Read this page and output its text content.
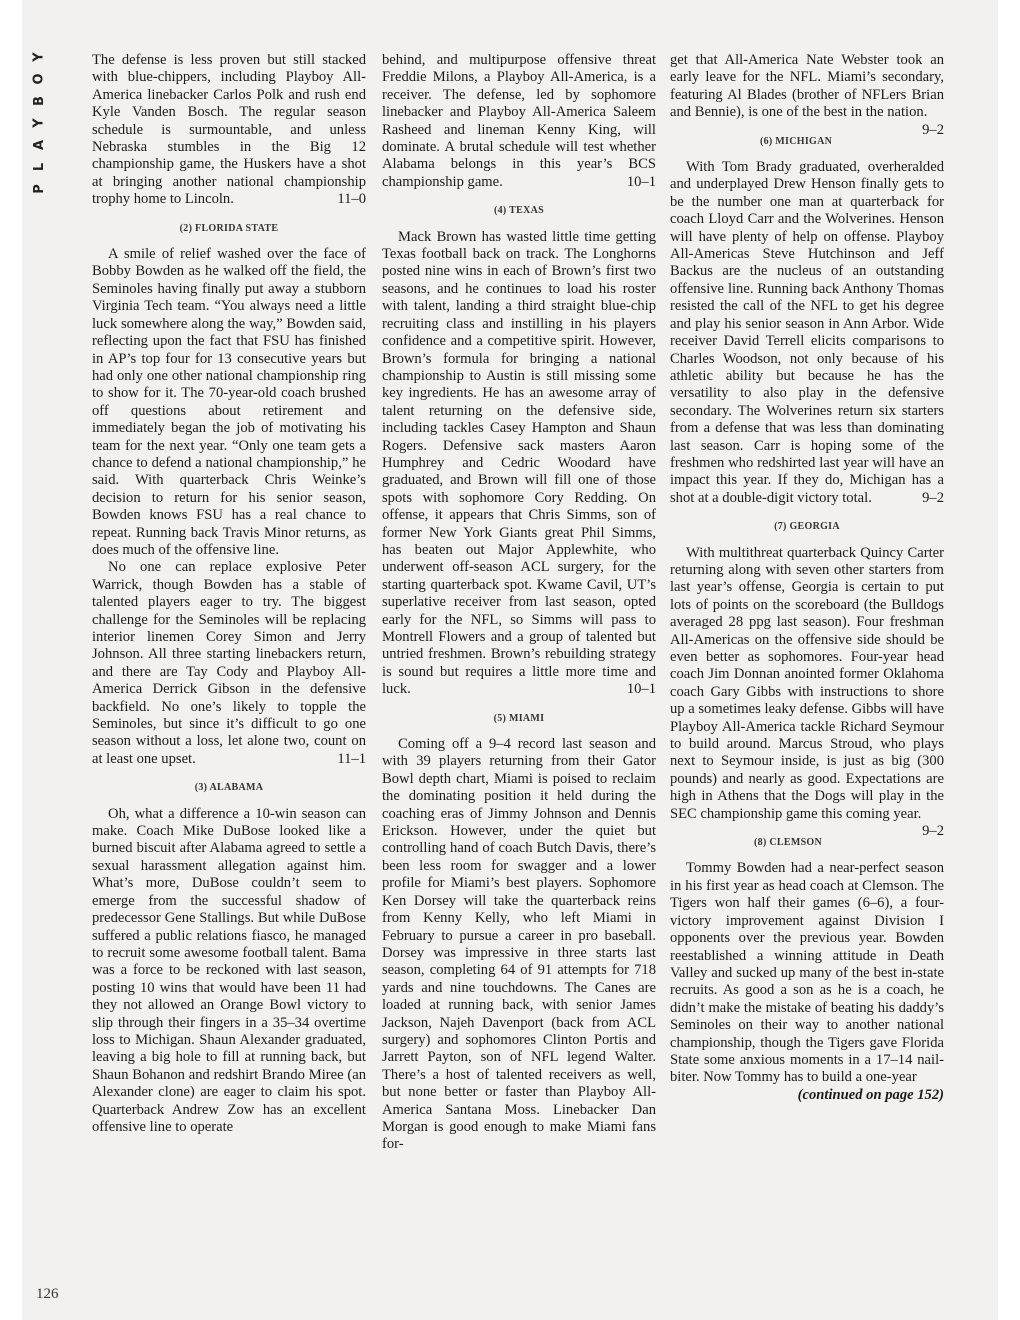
Y
O
B
Y
A
L
P
126

The defense is less proven but still stacked with blue-chippers, including Playboy All-America linebacker Carlos Polk and rush end Kyle Vanden Bosch. The regular season schedule is surmountable, and unless Nebraska stumbles in the Big 12 championship game, the Huskers have a shot at bringing another national championship trophy home to Lincoln.	11–0

(2) FLORIDA STATE

A smile of relief washed over the face of Bobby Bowden as he walked off the field, the Seminoles having finally put away a stubborn Virginia Tech team. “You always need a little luck somewhere along the way,” Bowden said, reflecting upon the fact that FSU has finished in AP’s top four for 13 consecutive years but had only one other national championship ring to show for it. The 70-year-old coach brushed off questions about retirement and immediately began the job of motivating his team for the next year. “Only one team gets a chance to defend a national championship,” he said. With quarterback Chris Weinke’s decision to return for his senior season, Bowden knows FSU has a real chance to repeat. Running back Travis Minor returns, as does much of the offensive line.

No one can replace explosive Peter Warrick, though Bowden has a stable of talented players eager to try. The biggest challenge for the Seminoles will be replacing interior linemen Corey Simon and Jerry Johnson. All three starting linebackers return, and there are Tay Cody and Playboy All-America Derrick Gibson in the defensive backfield. No one’s likely to topple the Seminoles, but since it’s difficult to go one season without a loss, let alone two, count on at least one upset.	11–1

(3) ALABAMA

Oh, what a difference a 10-win season can make. Coach Mike DuBose looked like a burned biscuit after Alabama agreed to settle a sexual harassment allegation against him. What’s more, DuBose couldn’t seem to emerge from the successful shadow of predecessor Gene Stallings. But while DuBose suffered a public relations fiasco, he managed to recruit some awesome football talent. Bama was a force to be reckoned with last season, posting 10 wins that would have been 11 had they not allowed an Orange Bowl victory to slip through their fingers in a 35–34 overtime loss to Michigan. Shaun Alexander graduated, leaving a big hole to fill at running back, but Shaun Bohanon and redshirt Brando Miree (an Alexander clone) are eager to claim his spot. Quarterback Andrew Zow has an excellent offensive line to operate

behind, and multipurpose offensive threat Freddie Milons, a Playboy All-America, is a receiver. The defense, led by sophomore linebacker and Playboy All-America Saleem Rasheed and lineman Kenny King, will dominate. A brutal schedule will test whether Alabama belongs in this year’s BCS championship game.	10–1

(4) TEXAS

Mack Brown has wasted little time getting Texas football back on track. The Longhorns posted nine wins in each of Brown’s first two seasons, and he continues to load his roster with talent, landing a third straight blue-chip recruiting class and instilling in his players confidence and a competitive spirit. However, Brown’s formula for bringing a national championship to Austin is still missing some key ingredients. He has an awesome array of talent returning on the defensive side, including tackles Casey Hampton and Shaun Rogers. Defensive sack masters Aaron Humphrey and Cedric Woodard have graduated, and Brown will fill one of those spots with sophomore Cory Redding. On offense, it appears that Chris Simms, son of former New York Giants great Phil Simms, has beaten out Major Applewhite, who underwent off-season ACL surgery, for the starting quarterback spot. Kwame Cavil, UT’s superlative receiver from last season, opted early for the NFL, so Simms will pass to Montrell Flowers and a group of talented but untried freshmen. Brown’s rebuilding strategy is sound but requires a little more time and luck.	10–1

(5) MIAMI

Coming off a 9–4 record last season and with 39 players returning from their Gator Bowl depth chart, Miami is poised to reclaim the dominating position it held during the coaching eras of Jimmy Johnson and Dennis Erickson. However, under the quiet but controlling hand of coach Butch Davis, there’s been less room for swagger and a lower profile for Miami’s best players. Sophomore Ken Dorsey will take the quarterback reins from Kenny Kelly, who left Miami in February to pursue a career in pro baseball. Dorsey was impressive in three starts last season, completing 64 of 91 attempts for 718 yards and nine touchdowns. The Canes are loaded at running back, with senior James Jackson, Najeh Davenport (back from ACL surgery) and sophomores Clinton Portis and Jarrett Payton, son of NFL legend Walter. There’s a host of talented receivers as well, but none better or faster than Playboy All-America Santana Moss. Linebacker Dan Morgan is good enough to make Miami fans for-

get that All-America Nate Webster took an early leave for the NFL. Miami’s secondary, featuring Al Blades (brother of NFLers Brian and Bennie), is one of the best in the nation.
9–2

(6) MICHIGAN

With Tom Brady graduated, overheralded and underplayed Drew Henson finally gets to be the number one man at quarterback for coach Lloyd Carr and the Wolverines. Henson will have plenty of help on offense. Playboy All-Americas Steve Hutchinson and Jeff Backus are the nucleus of an outstanding offensive line. Running back Anthony Thomas resisted the call of the NFL to get his degree and play his senior season in Ann Arbor. Wide receiver David Terrell elicits comparisons to Charles Woodson, not only because of his athletic ability but because he has the versatility to also play in the defensive secondary. The Wolverines return six starters from a defense that was less than dominating last season. Carr is hoping some of the freshmen who redshirted last year will have an impact this year. If they do, Michigan has a shot at a double-digit victory total.	9–2

(7) GEORGIA

With multithreat quarterback Quincy Carter returning along with seven other starters from last year’s offense, Georgia is certain to put lots of points on the scoreboard (the Bulldogs averaged 28 ppg last season). Four freshman All-Americas on the offensive side should be even better as sophomores. Four-year head coach Jim Donnan anointed former Oklahoma coach Gary Gibbs with instructions to shore up a sometimes leaky defense. Gibbs will have Playboy All-America tackle Richard Seymour to build around. Marcus Stroud, who plays next to Seymour inside, is just as big (300 pounds) and nearly as good. Expectations are high in Athens that the Dogs will play in the SEC championship game this coming year.
9–2

(8) CLEMSON

Tommy Bowden had a near-perfect season in his first year as head coach at Clemson. The Tigers won half their games (6–6), a four-victory improvement against Division I opponents over the previous year. Bowden reestablished a winning attitude in Death Valley and sucked up many of the best in-state recruits. As good a son as he is a coach, he didn’t make the mistake of beating his daddy’s Seminoles on their way to another national championship, though the Tigers gave Florida State some anxious moments in a 17–14 nail-biter. Now Tommy has to build a one-year

(continued on page 152)
